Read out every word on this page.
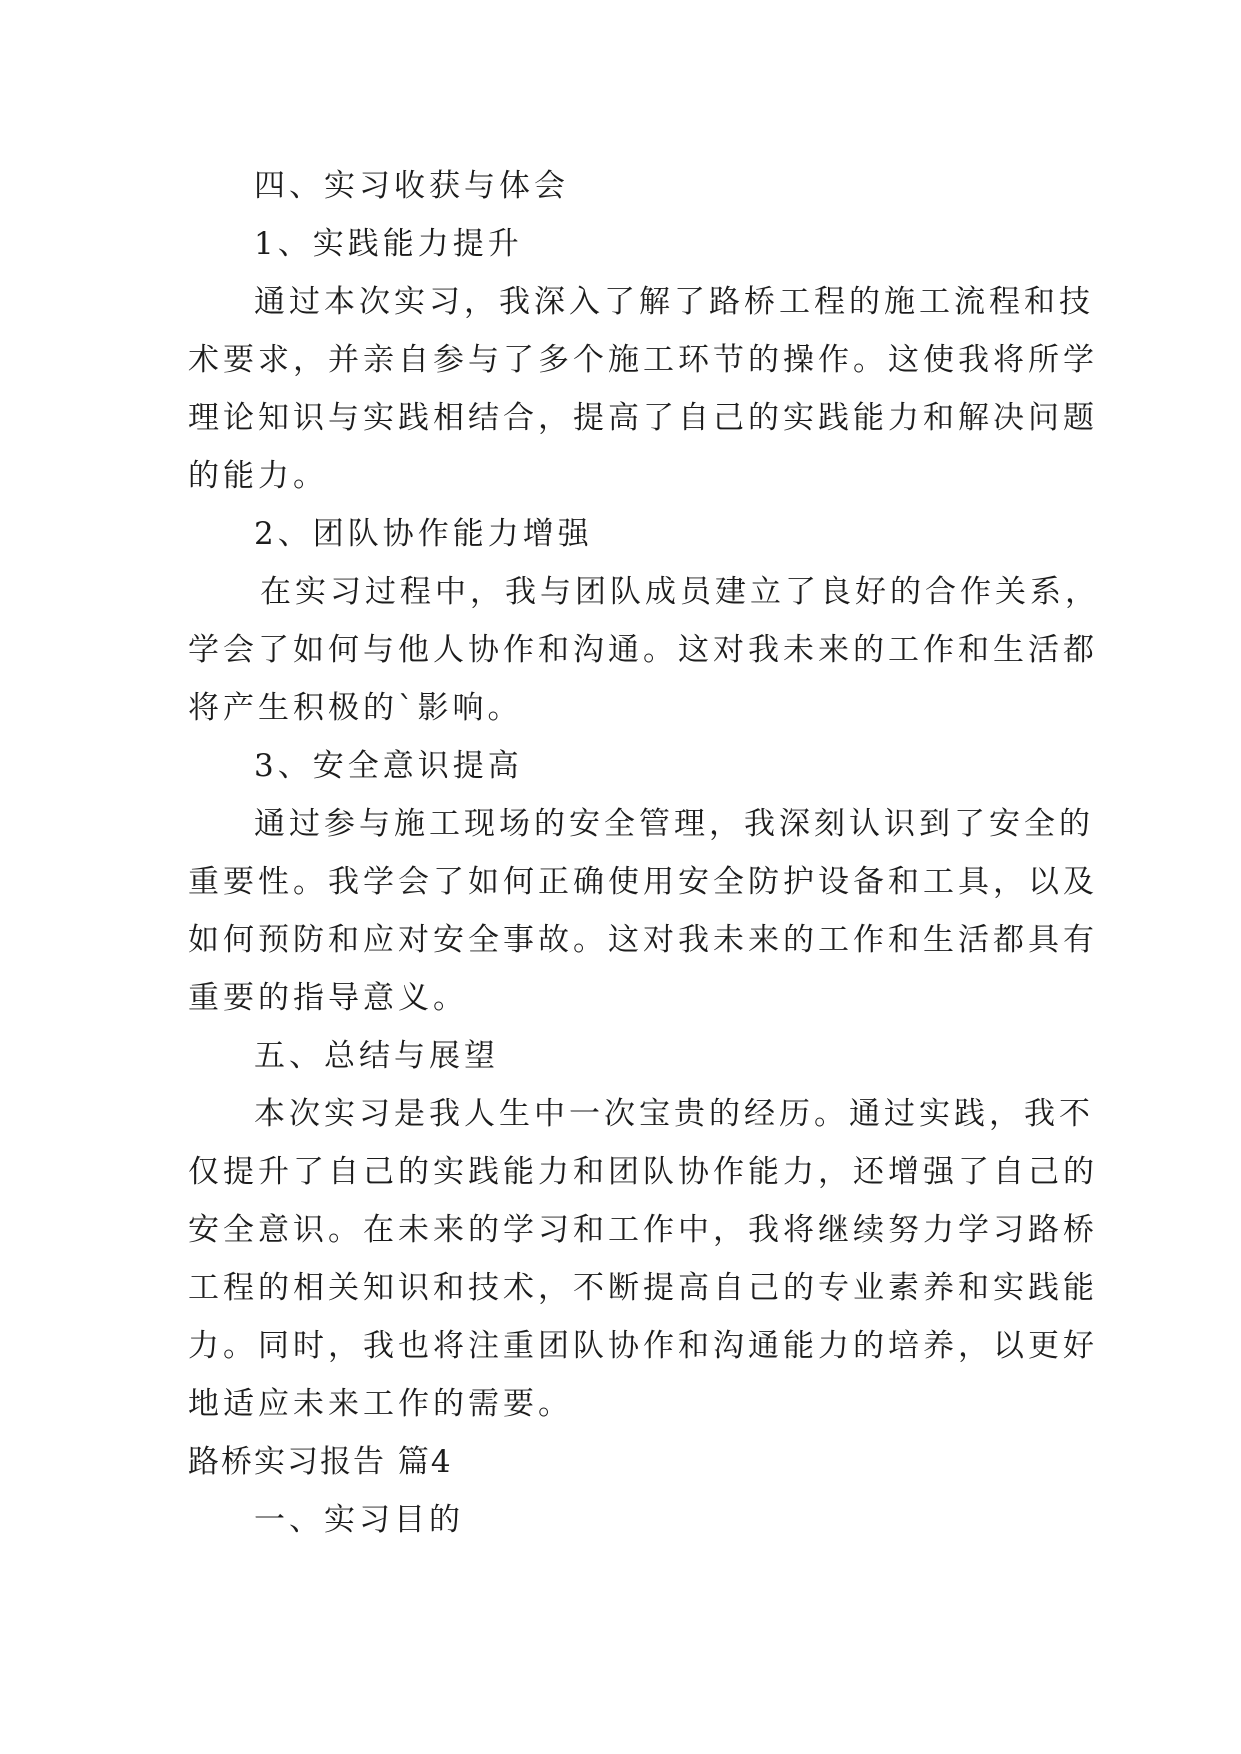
四、实习收获与体会
1、实践能力提升
通过本次实习，我深入了解了路桥工程的施工流程和技
术要求，并亲自参与了多个施工环节的操作。这使我将所学
理论知识与实践相结合，提高了自己的实践能力和解决问题
的能力。
2、团队协作能力增强
在实习过程中，我与团队成员建立了良好的合作关系，
学会了如何与他人协作和沟通。这对我未来的工作和生活都
将产生积极的`影响。
3、安全意识提高
通过参与施工现场的安全管理，我深刻认识到了安全的
重要性。我学会了如何正确使用安全防护设备和工具，以及
如何预防和应对安全事故。这对我未来的工作和生活都具有
重要的指导意义。
五、总结与展望
本次实习是我人生中一次宝贵的经历。通过实践，我不
仅提升了自己的实践能力和团队协作能力，还增强了自己的
安全意识。在未来的学习和工作中，我将继续努力学习路桥
工程的相关知识和技术，不断提高自己的专业素养和实践能
力。同时，我也将注重团队协作和沟通能力的培养，以更好
地适应未来工作的需要。
路桥实习报告 篇4
一、实习目的
